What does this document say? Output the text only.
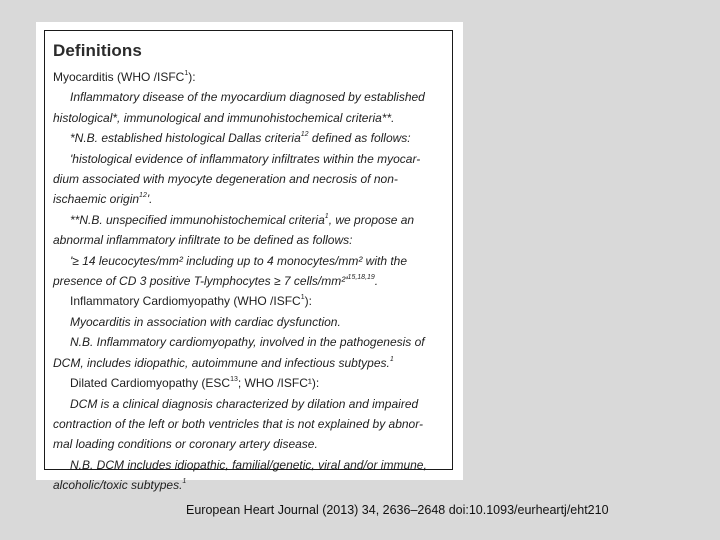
Definitions
Myocarditis (WHO /ISFC$^1$):
Inflammatory disease of the myocardium diagnosed by established
histological*, immunological and immunohistochemical criteria**.
*N.B. established histological Dallas criteria$^{12}$ defined as follows:
'histological evidence of inflammatory infiltrates within the myocar-
dium associated with myocyte degeneration and necrosis of non-
ischaemic origin$^{12}$'.
**N.B. unspecified immunohistochemical criteria$^1$, we propose an
abnormal inflammatory infiltrate to be defined as follows:
'≥ 14 leucocytes/mm² including up to 4 monocytes/mm² with the
presence of CD 3 positive T-lymphocytes ≥ 7 cells/$mm^2'^{15,18,19}$.
Inflammatory Cardiomyopathy (WHO /ISFC$^1$):
Myocarditis in association with cardiac dysfunction.
N.B. Inflammatory cardiomyopathy, involved in the pathogenesis of
DCM, includes idiopathic, autoimmune and infectious subtypes.$^1$
Dilated Cardiomyopathy (ESC$^{13}$; WHO /ISFC¹):
DCM is a clinical diagnosis characterized by dilation and impaired
contraction of the left or both ventricles that is not explained by abnor-
mal loading conditions or coronary artery disease.
N.B. DCM includes idiopathic, familial/genetic, viral and/or immune,
alcoholic/toxic subtypes.$^1$
European Heart Journal (2013) 34, 2636–2648 doi:10.1093/eurheartj/eht210
